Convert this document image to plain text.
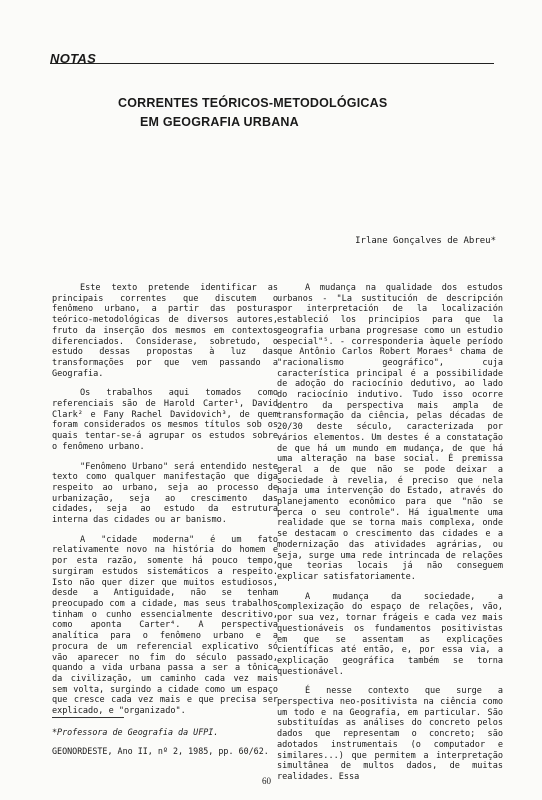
NOTAS
CORRENTES TEÓRICOS-METODOLÓGICAS
EM GEOGRAFIA URBANA
Irlane Gonçalves de Abreu*

Este texto pretende identificar as principais correntes que discutem o fenômeno urbano, a partir das posturas teórico-metodológicas de diversos autores, fruto da inserção dos mesmos em contextos diferenciados. Considerase, sobretudo, o estudo dessas propostas à luz das transformações por que vem passando a Geografia.

Os trabalhos aqui tomados como referenciais são de Harold Carter¹, David Clark² e Fany Rachel Davidovich³, de quem foram considerados os mesmos títulos sob os quais tentar-se-á agrupar os estudos sobre o fenômeno urbano.

"Fenômeno Urbano" será entendido neste texto como qualquer manifestação que diga respeito ao urbano, seja ao processo de urbanização, seja ao crescimento das cidades, seja ao estudo da estrutura interna das cidades ou ar banismo.

A "cidade moderna" é um fato relativamente novo na história do homem e por esta razão, somente há pouco tempo, surgiram estudos sistemáticos a respeito. Isto não quer dizer que muitos estudiosos, desde a Antiguidade, não se tenham preocupado com a cidade, mas seus trabalhos tinham o cunho essencialmente descritivo, como aponta Carter⁴. A perspectiva analítica para o fenômeno urbano e a procura de um referencial explicativo só vão aparecer no fim do século passado, quando a vida urbana passa a ser a tônica da civilização, um caminho cada vez mais sem volta, surgindo a cidade como um espaço que cresce cada vez mais e que precisa ser explicado, e "organizado".

A mudança na qualidade dos estudos urbanos - "La sustitución de descripción por interpretación de la localización estableció los principios para que la geografia urbana progresase como un estudio especial"⁵. - corresponderia àquele período que Antônio Carlos Robert Moraes⁶ chama de "racionalismo geográfico", cuja característica principal é a possibilidade de adoção do raciocínio dedutivo, ao lado do raciocínio indutivo. Tudo isso ocorre dentro da perspectiva mais ampla de transformação da ciência, pelas décadas de 20/30 deste século, caracterizada por vários elementos. Um destes é a constatação de que há um mundo em mudança, de que há uma alteração na base social. É premissa geral a de que não se pode deixar a sociedade à revelia, é preciso que nela haja uma intervenção do Estado, através do planejamento econômico para que "não se perca o seu controle". Há igualmente uma realidade que se torna mais complexa, onde se destacam o crescimento das cidades e a modernização das atividades agrárias, ou seja, surge uma rede intrincada de relações que teorias locais já não conseguem explicar satisfatoriamente.

A mudança da sociedade, a complexização do espaço de relações, vão, por sua vez, tornar frágeis e cada vez mais questionáveis os fundamentos positivistas em que se assentam as explicações científicas até então, e, por essa via, a explicação geográfica também se torna questionável.

É nesse contexto que surge a perspectiva neo-positivista na ciência como um todo e na Geografia, em particular. São substituídas as análises do concreto pelos dados que representam o concreto; são adotados instrumentais (o computador e similares...) que permitem a interpretação simultânea de multos dados, de muitas realidades. Essa

*Professora de Geografia da UFPI.
GEONORDESTE, Ano II, nº 2, 1985, pp. 60/62.
60
